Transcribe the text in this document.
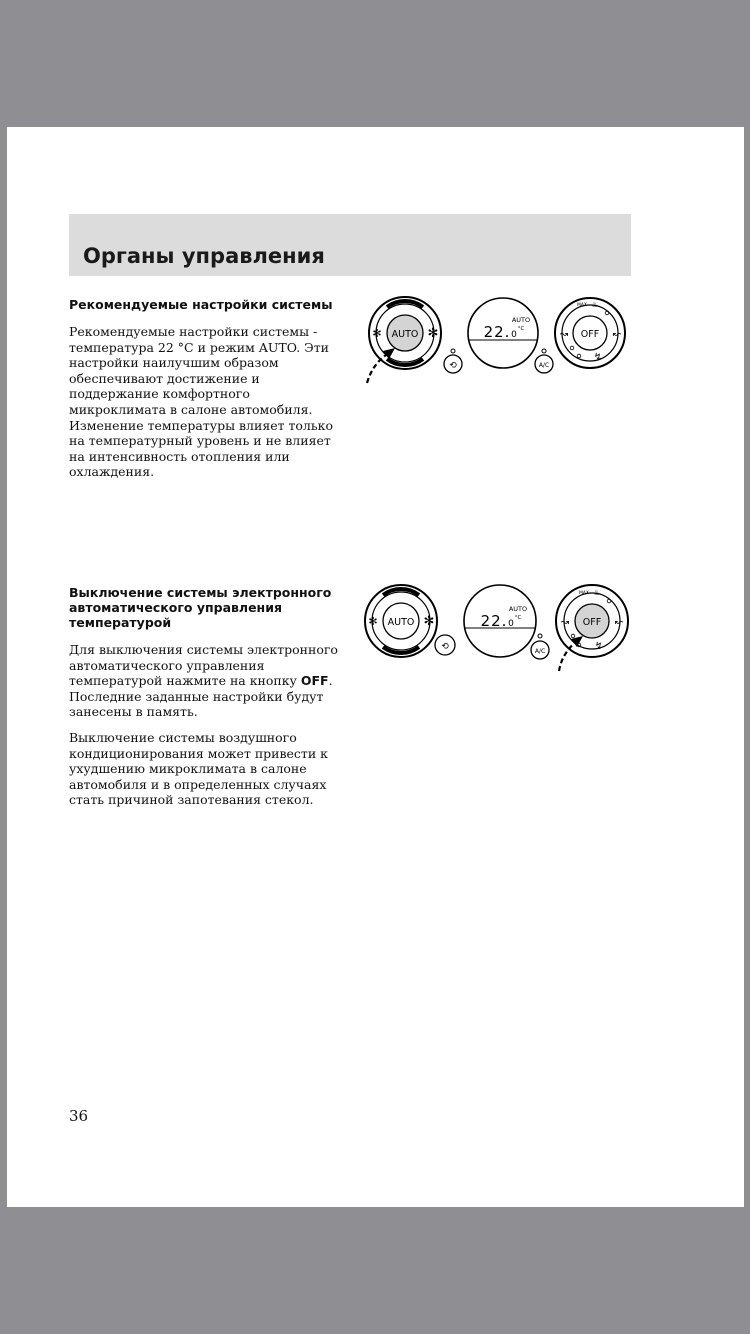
Органы управления
Рекомендуемые настройки системы

Рекомендуемые настройки системы - температура 22 °C и режим AUTO. Эти настройки наилучшим образом обеспечивают достижение и поддержание комфортного микроклимата в салоне автомобиля. Изменение температуры влияет только на температурный уровень и не влияет на интенсивность отопления или охлаждения.

✻	✻
AUTO
⟲
AUTO
22. 0
°C
A/C
MAX ♨
↝	↜
↯
OFF
Выключение системы электронного автоматического управления температурой

Для выключения системы электронного автоматического управления температурой нажмите на кнопку OFF. Последние заданные настройки будут занесены в память.

Выключение системы воздушного кондиционирования может привести к ухудшению микроклимата в салоне автомобиля и в определенных случаях стать причиной запотевания стекол.

✻	✻
AUTO
⟲
AUTO
22. 0
°C
A/C
MAX ♨
↝	↜
↯
OFF
36
